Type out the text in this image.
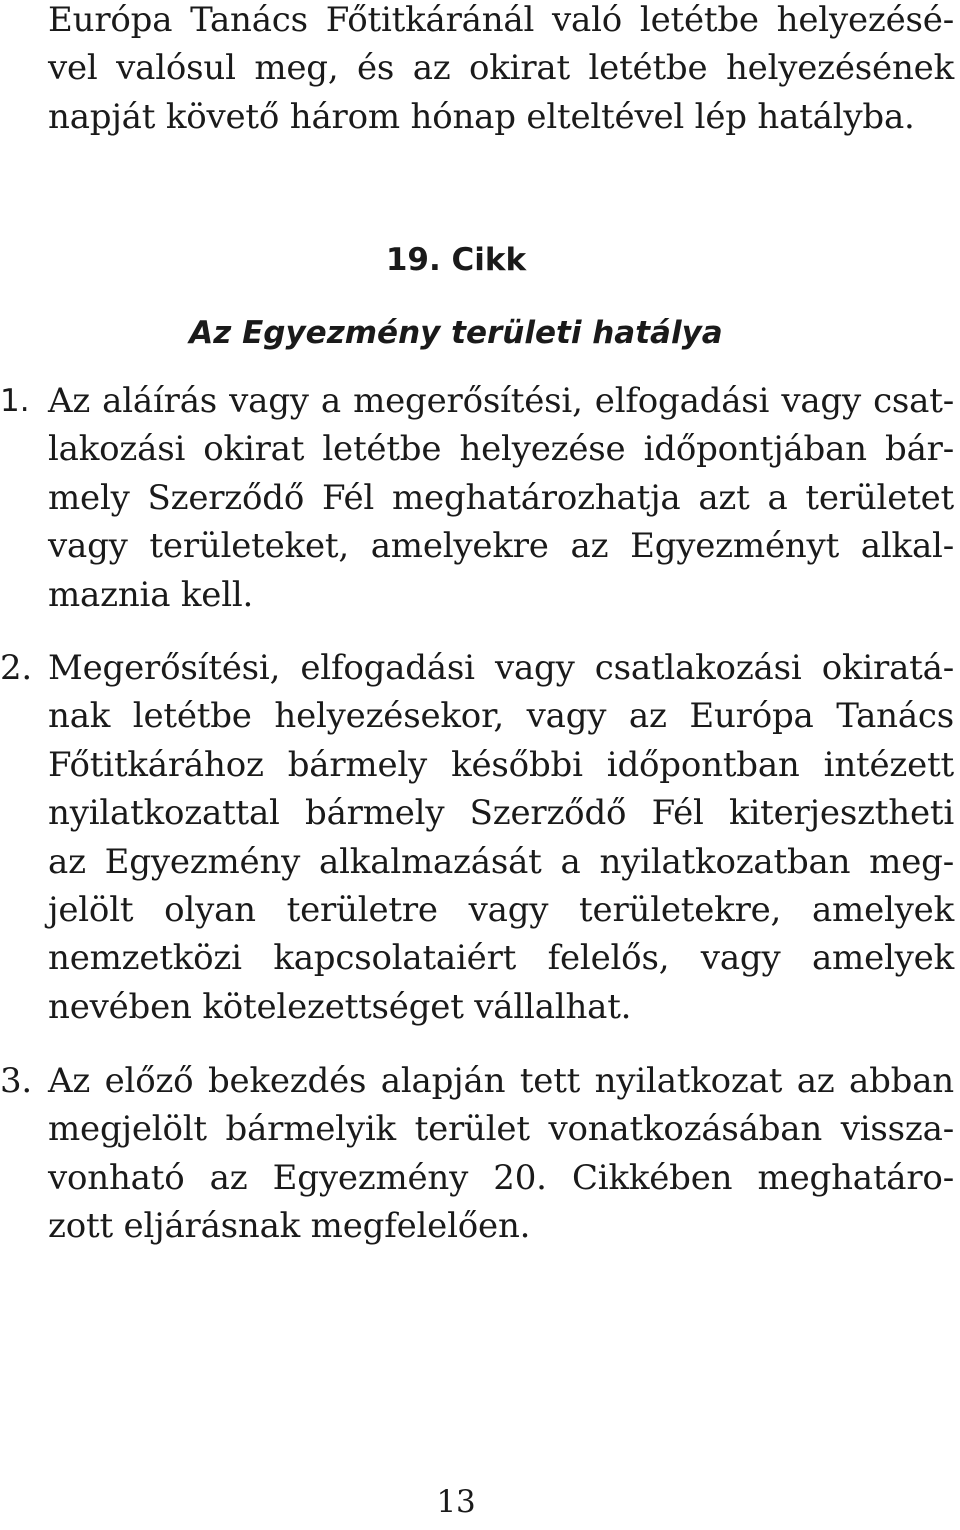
Európa Tanács Főtitkáránál való letétbe helyezésé-
vel valósul meg, és az okirat letétbe helyezésének
napját követő három hónap elteltével lép hatályba.
19. Cikk
Az Egyezmény területi hatálya
1. Az aláírás vagy a megerősítési, elfogadási vagy csat-
lakozási okirat letétbe helyezése időpontjában bár-
mely Szerződő Fél meghatározhatja azt a területet
vagy területeket, amelyekre az Egyezményt alkal-
maznia kell.
2. Megerősítési, elfogadási vagy csatlakozási okiratá-
nak letétbe helyezésekor, vagy az Európa Tanács
Főtitkárához bármely későbbi időpontban intézett
nyilatkozattal bármely Szerződő Fél kiterjesztheti
az Egyezmény alkalmazását a nyilatkozatban meg-
jelölt olyan területre vagy területekre, amelyek
nemzetközi kapcsolataiért felelős, vagy amelyek
nevében kötelezettséget vállalhat.
3. Az előző bekezdés alapján tett nyilatkozat az abban
megjelölt bármelyik terület vonatkozásában vissza-
vonható az Egyezmény 20. Cikkében meghatáro-
zott eljárásnak megfelelően.
13
